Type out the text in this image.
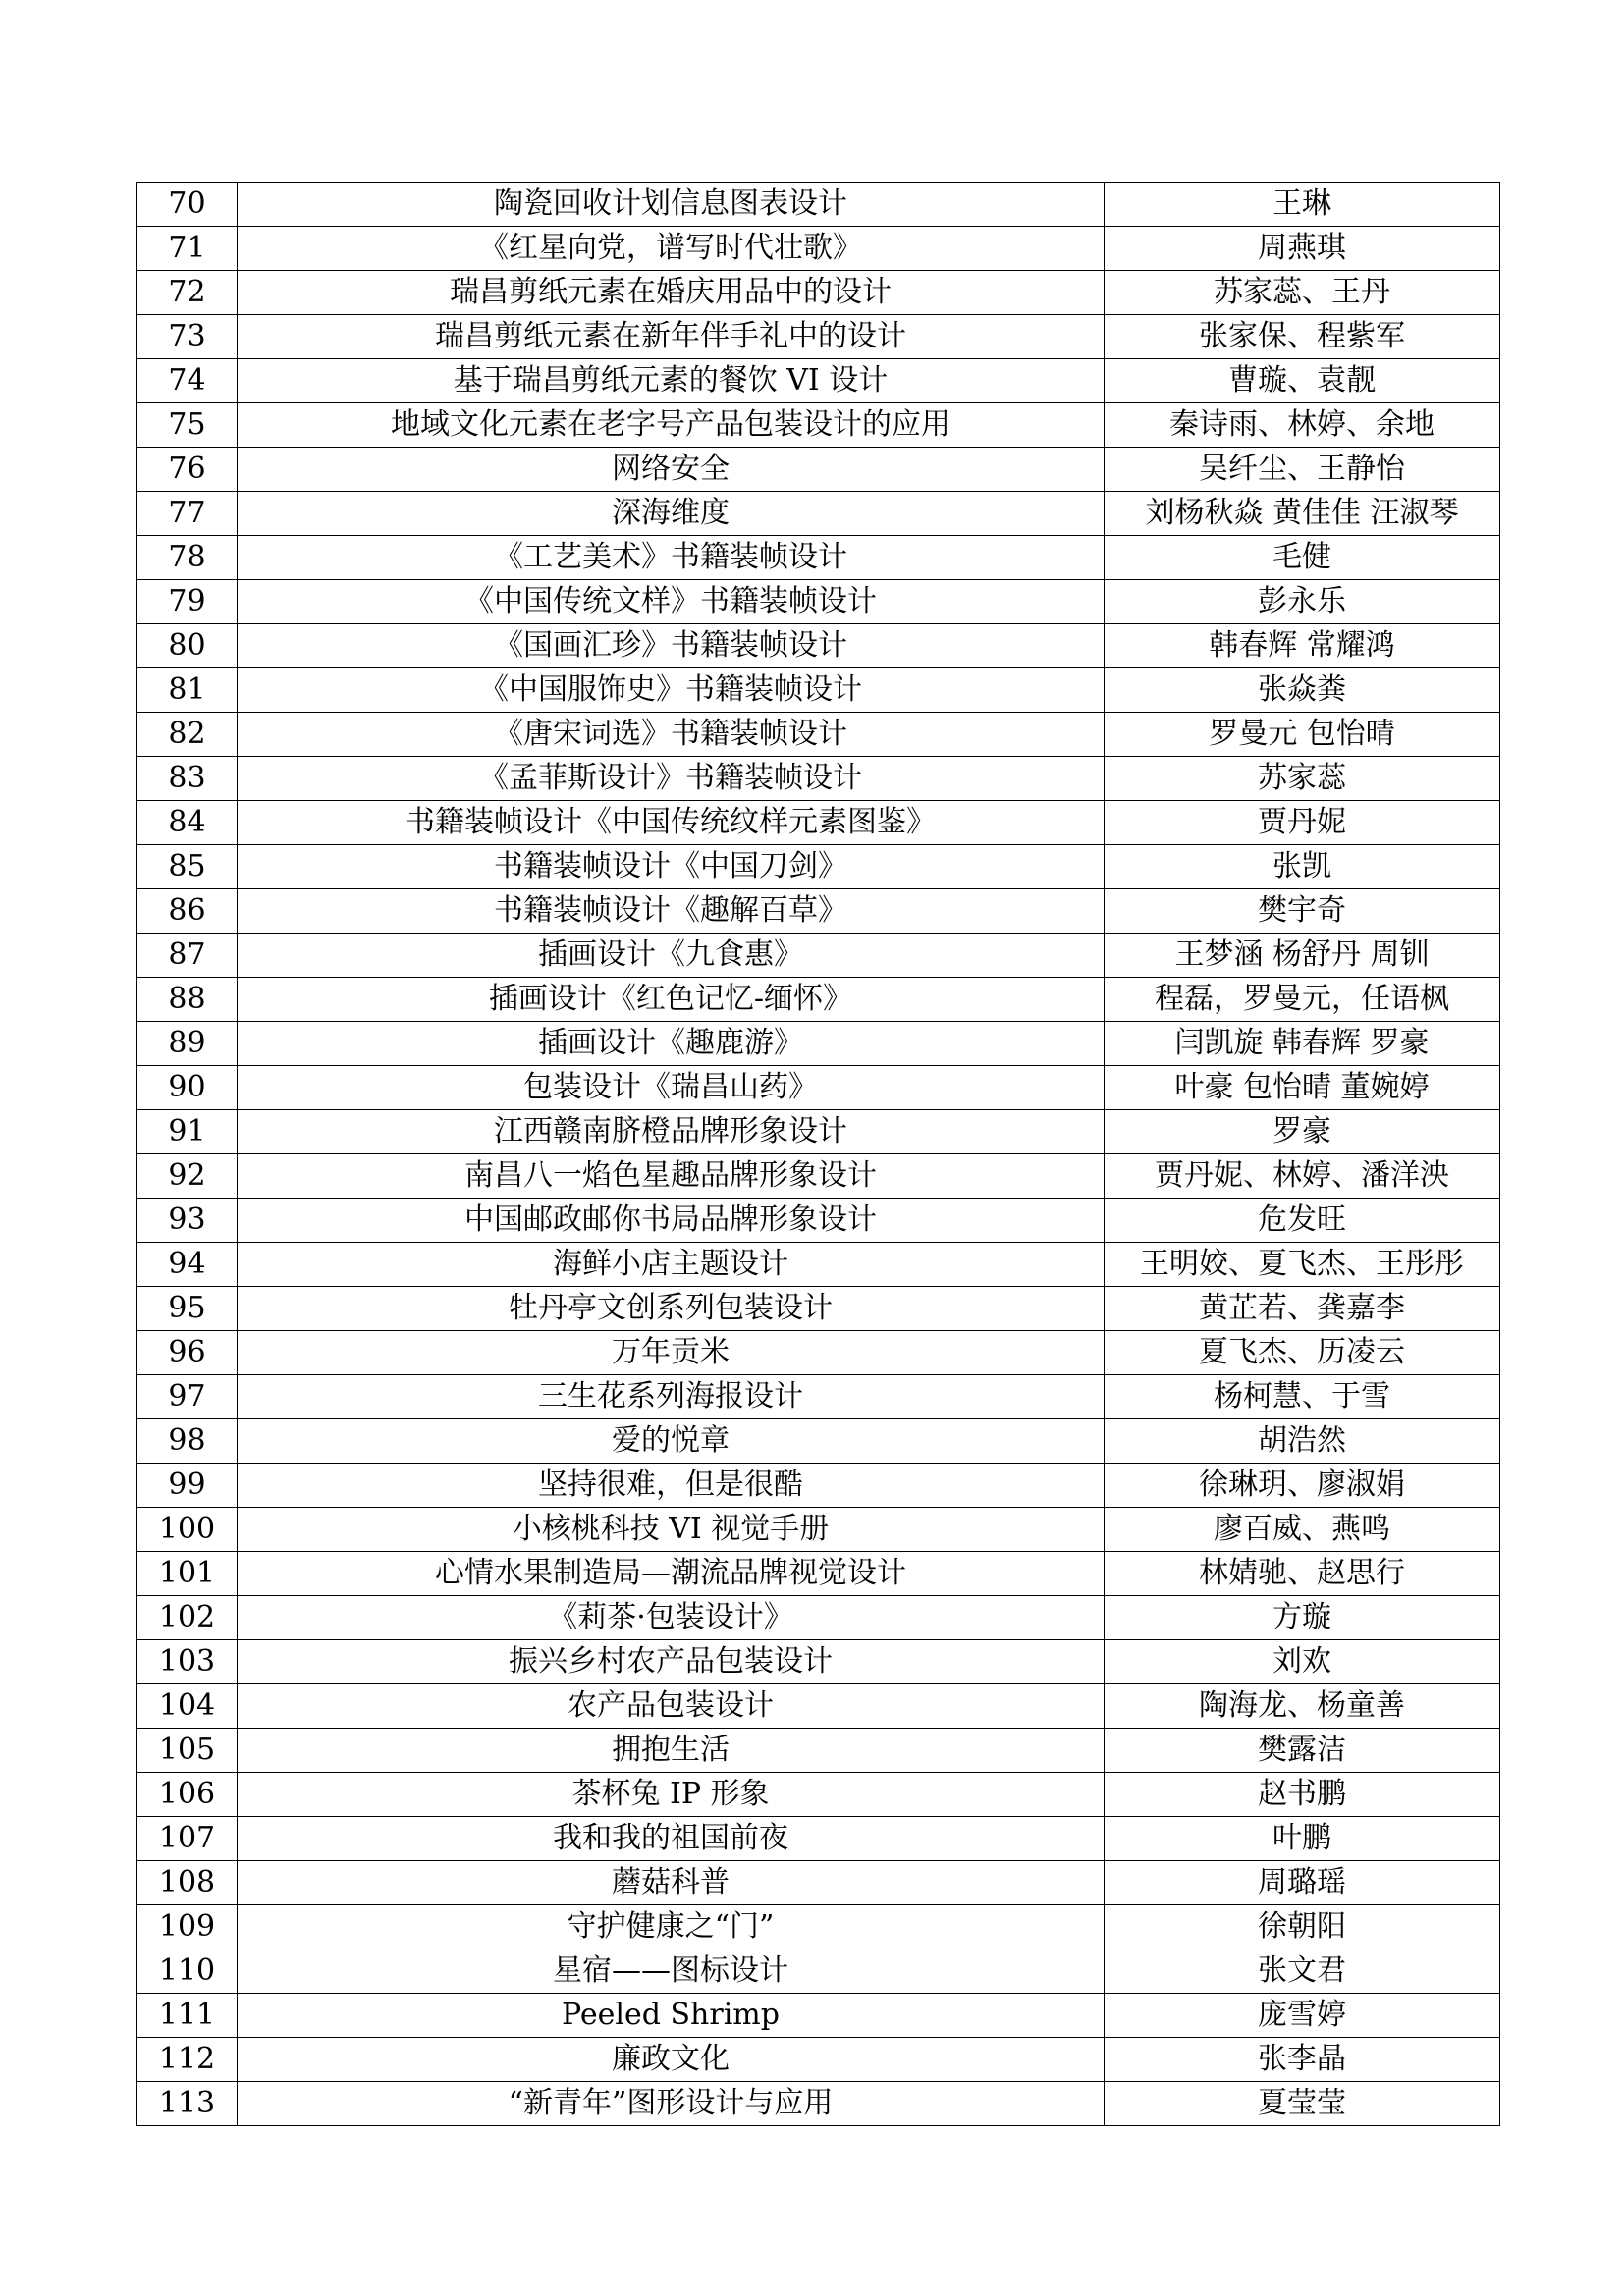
70	陶瓷回收计划信息图表设计	王琳
71	《红星向党，谱写时代壮歌》	周燕琪
72	瑞昌剪纸元素在婚庆用品中的设计	苏家蕊、王丹
73	瑞昌剪纸元素在新年伴手礼中的设计	张家保、程紫军
74	基于瑞昌剪纸元素的餐饮 VI 设计	曹璇、袁靓
75	地域文化元素在老字号产品包装设计的应用	秦诗雨、林婷、余地
76	网络安全	吴纤尘、王静怡
77	深海维度	刘杨秋焱 黄佳佳 汪淑琴
78	《工艺美术》书籍装帧设计	毛健
79	《中国传统文样》书籍装帧设计	彭永乐
80	《国画汇珍》书籍装帧设计	韩春辉 常耀鸿
81	《中国服饰史》书籍装帧设计	张焱粪
82	《唐宋词选》书籍装帧设计	罗曼元 包怡晴
83	《孟菲斯设计》书籍装帧设计	苏家蕊
84	书籍装帧设计《中国传统纹样元素图鉴》	贾丹妮
85	书籍装帧设计《中国刀剑》	张凯
86	书籍装帧设计《趣解百草》	樊宇奇
87	插画设计《九食惠》	王梦涵 杨舒丹 周钏
88	插画设计《红色记忆-缅怀》	程磊，罗曼元，任语枫
89	插画设计《趣鹿游》	闫凯旋 韩春辉 罗豪
90	包装设计《瑞昌山药》	叶豪 包怡晴 董婉婷
91	江西赣南脐橙品牌形象设计	罗豪
92	南昌八一焰色星趣品牌形象设计	贾丹妮、林婷、潘洋泱
93	中国邮政邮你书局品牌形象设计	危发旺
94	海鲜小店主题设计	王明姣、夏飞杰、王彤彤
95	牡丹亭文创系列包装设计	黄芷若、龚嘉李
96	万年贡米	夏飞杰、历凌云
97	三生花系列海报设计	杨柯慧、于雪
98	爱的悦章	胡浩然
99	坚持很难，但是很酷	徐琳玥、廖淑娟
100	小核桃科技 VI 视觉手册	廖百威、燕鸣
101	心情水果制造局—潮流品牌视觉设计	林婧驰、赵思行
102	《莉茶·包装设计》	方璇
103	振兴乡村农产品包装设计	刘欢
104	农产品包装设计	陶海龙、杨童善
105	拥抱生活	樊露洁
106	茶杯兔 IP 形象	赵书鹏
107	我和我的祖国前夜	叶鹏
108	蘑菇科普	周璐瑶
109	守护健康之“门”	徐朝阳
110	星宿——图标设计	张文君
111	Peeled Shrimp	庞雪婷
112	廉政文化	张李晶
113	“新青年”图形设计与应用	夏莹莹
